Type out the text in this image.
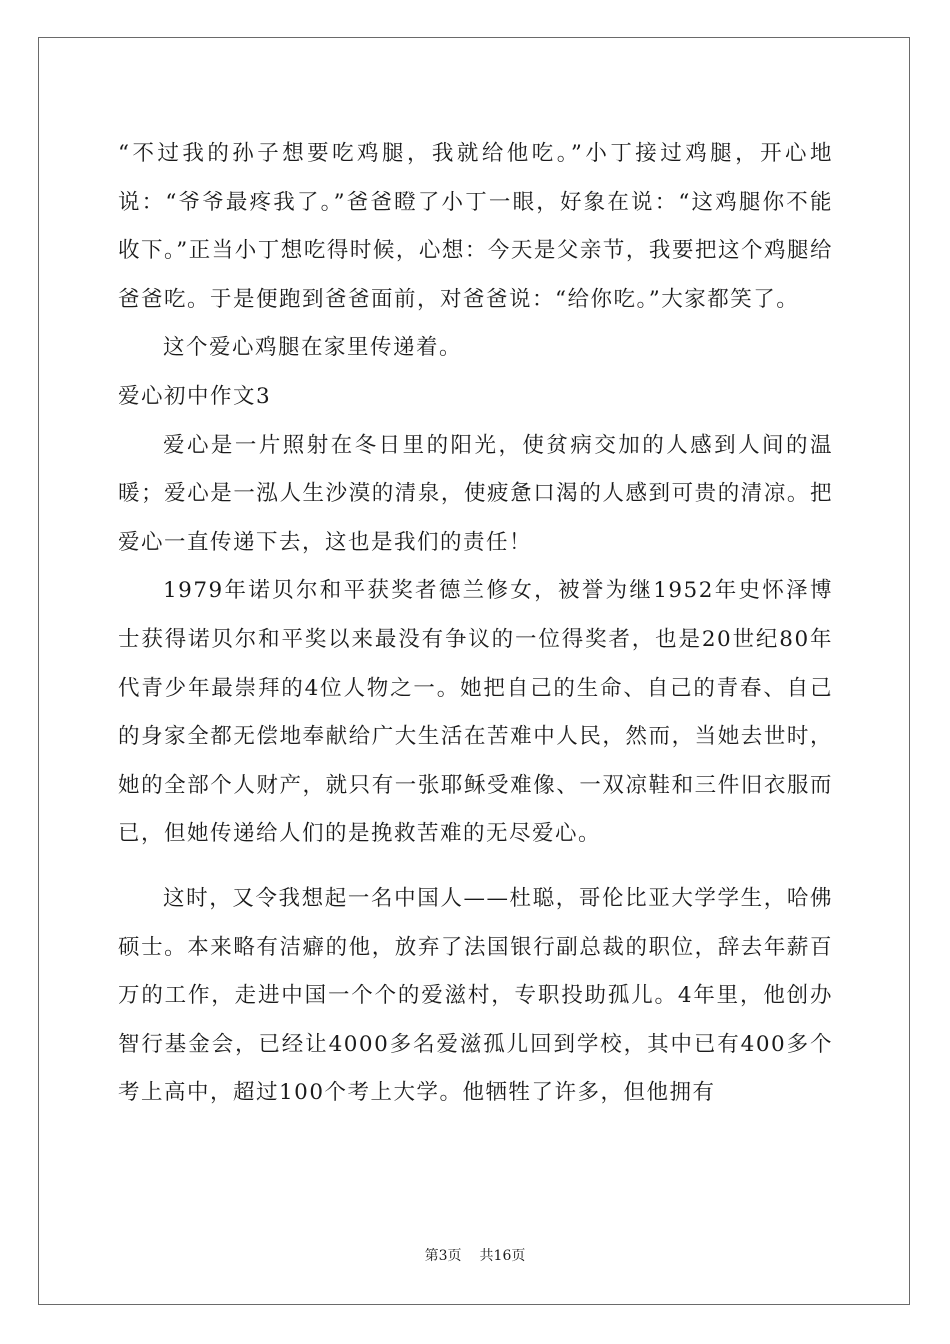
“不过我的孙子想要吃鸡腿，我就给他吃。”小丁接过鸡腿，开心地说：“爷爷最疼我了。”爸爸瞪了小丁一眼，好象在说：“这鸡腿你不能收下。”正当小丁想吃得时候，心想：今天是父亲节，我要把这个鸡腿给爸爸吃。于是便跑到爸爸面前，对爸爸说：“给你吃。”大家都笑了。

这个爱心鸡腿在家里传递着。

爱心初中作文3

爱心是一片照射在冬日里的阳光，使贫病交加的人感到人间的温暖；爱心是一泓人生沙漠的清泉，使疲惫口渴的人感到可贵的清凉。把爱心一直传递下去，这也是我们的责任！

1979年诺贝尔和平获奖者德兰修女，被誉为继1952年史怀泽博士获得诺贝尔和平奖以来最没有争议的一位得奖者，也是20世纪80年代青少年最崇拜的4位人物之一。她把自己的生命、自己的青春、自己的身家全都无偿地奉献给广大生活在苦难中人民，然而，当她去世时，她的全部个人财产，就只有一张耶稣受难像、一双凉鞋和三件旧衣服而已，但她传递给人们的是挽救苦难的无尽爱心。

这时，又令我想起一名中国人——杜聪，哥伦比亚大学学生，哈佛硕士。本来略有洁癖的他，放弃了法国银行副总裁的职位，辞去年薪百万的工作，走进中国一个个的爱滋村，专职投助孤儿。4年里，他创办智行基金会，已经让4000多名爱滋孤儿回到学校，其中已有400多个考上高中，超过100个考上大学。他牺牲了许多，但他拥有

第3页 共16页
